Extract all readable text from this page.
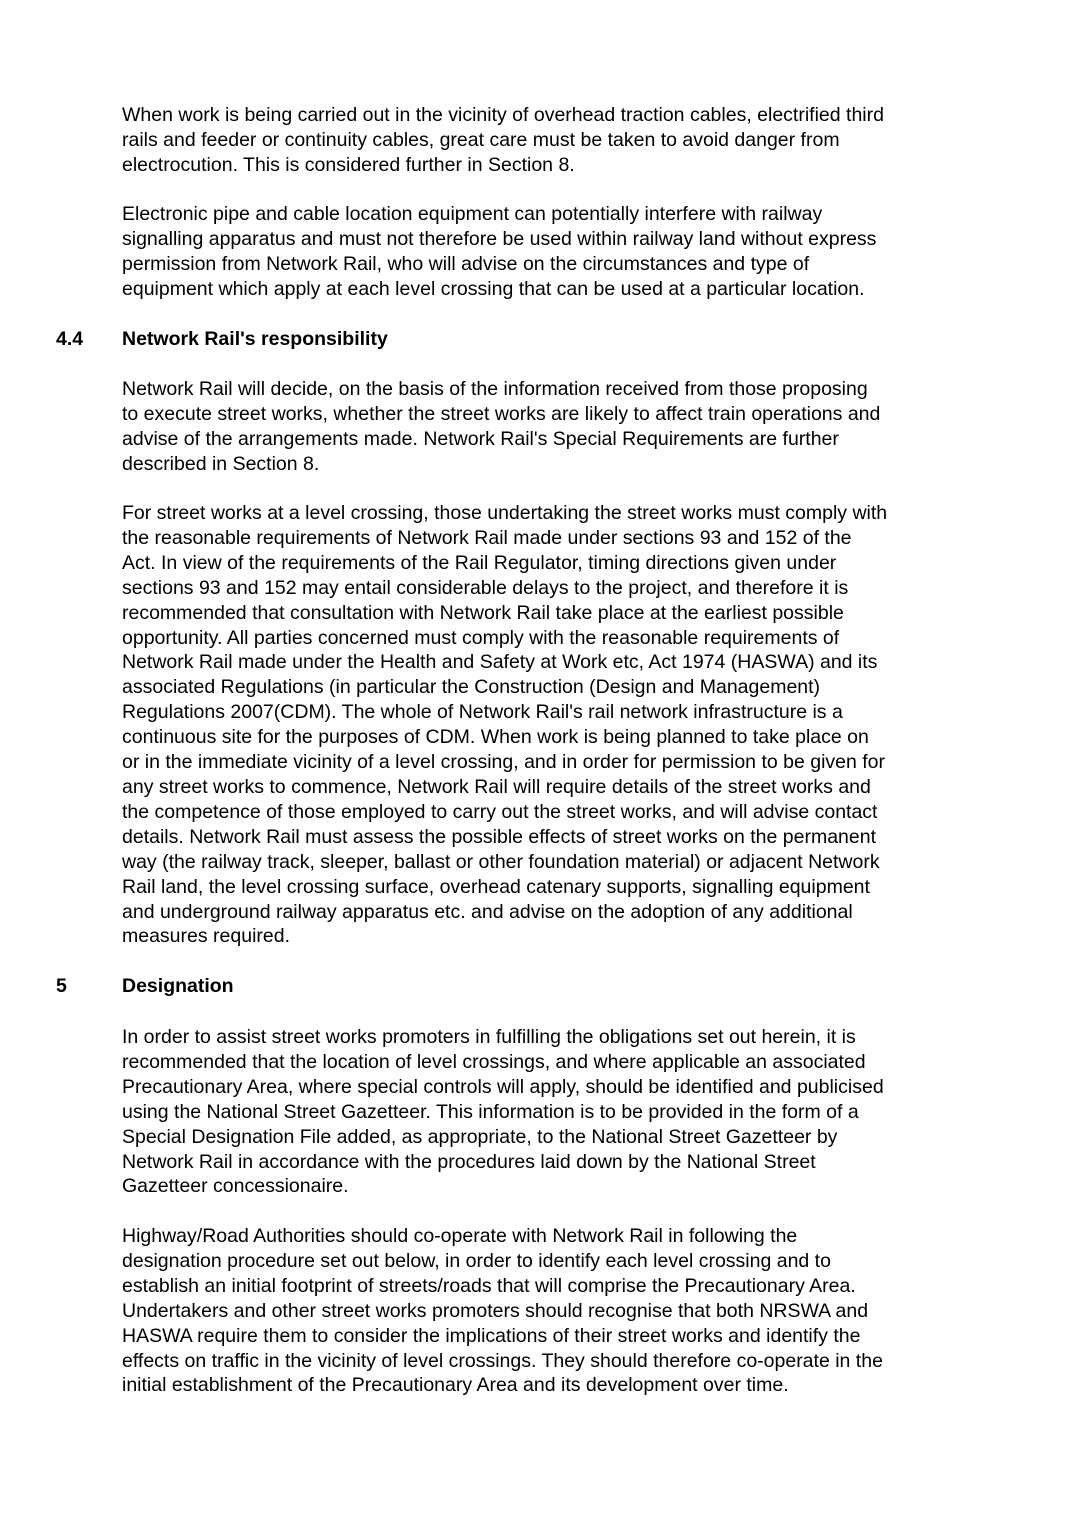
When work is being carried out in the vicinity of overhead traction cables, electrified third
rails and feeder or continuity cables, great care must be taken to avoid danger from
electrocution. This is considered further in Section 8.

Electronic pipe and cable location equipment can potentially interfere with railway
signalling apparatus and must not therefore be used within railway land without express
permission from Network Rail, who will advise on the circumstances and type of
equipment which apply at each level crossing that can be used at a particular location.

4.4 Network Rail's responsibility

Network Rail will decide, on the basis of the information received from those proposing
to execute street works, whether the street works are likely to affect train operations and
advise of the arrangements made. Network Rail's Special Requirements are further
described in Section 8.

For street works at a level crossing, those undertaking the street works must comply with
the reasonable requirements of Network Rail made under sections 93 and 152 of the
Act. In view of the requirements of the Rail Regulator, timing directions given under
sections 93 and 152 may entail considerable delays to the project, and therefore it is
recommended that consultation with Network Rail take place at the earliest possible
opportunity. All parties concerned must comply with the reasonable requirements of
Network Rail made under the Health and Safety at Work etc, Act 1974 (HASWA) and its
associated Regulations (in particular the Construction (Design and Management)
Regulations 2007(CDM). The whole of Network Rail's rail network infrastructure is a
continuous site for the purposes of CDM. When work is being planned to take place on
or in the immediate vicinity of a level crossing, and in order for permission to be given for
any street works to commence, Network Rail will require details of the street works and
the competence of those employed to carry out the street works, and will advise contact
details. Network Rail must assess the possible effects of street works on the permanent
way (the railway track, sleeper, ballast or other foundation material) or adjacent Network
Rail land, the level crossing surface, overhead catenary supports, signalling equipment
and underground railway apparatus etc. and advise on the adoption of any additional
measures required.

5	Designation

In order to assist street works promoters in fulfilling the obligations set out herein, it is
recommended that the location of level crossings, and where applicable an associated
Precautionary Area, where special controls will apply, should be identified and publicised
using the National Street Gazetteer. This information is to be provided in the form of a
Special Designation File added, as appropriate, to the National Street Gazetteer by
Network Rail in accordance with the procedures laid down by the National Street
Gazetteer concessionaire.

Highway/Road Authorities should co-operate with Network Rail in following the
designation procedure set out below, in order to identify each level crossing and to
establish an initial footprint of streets/roads that will comprise the Precautionary Area.
Undertakers and other street works promoters should recognise that both NRSWA and
HASWA require them to consider the implications of their street works and identify the
effects on traffic in the vicinity of level crossings. They should therefore co-operate in the
initial establishment of the Precautionary Area and its development over time.
